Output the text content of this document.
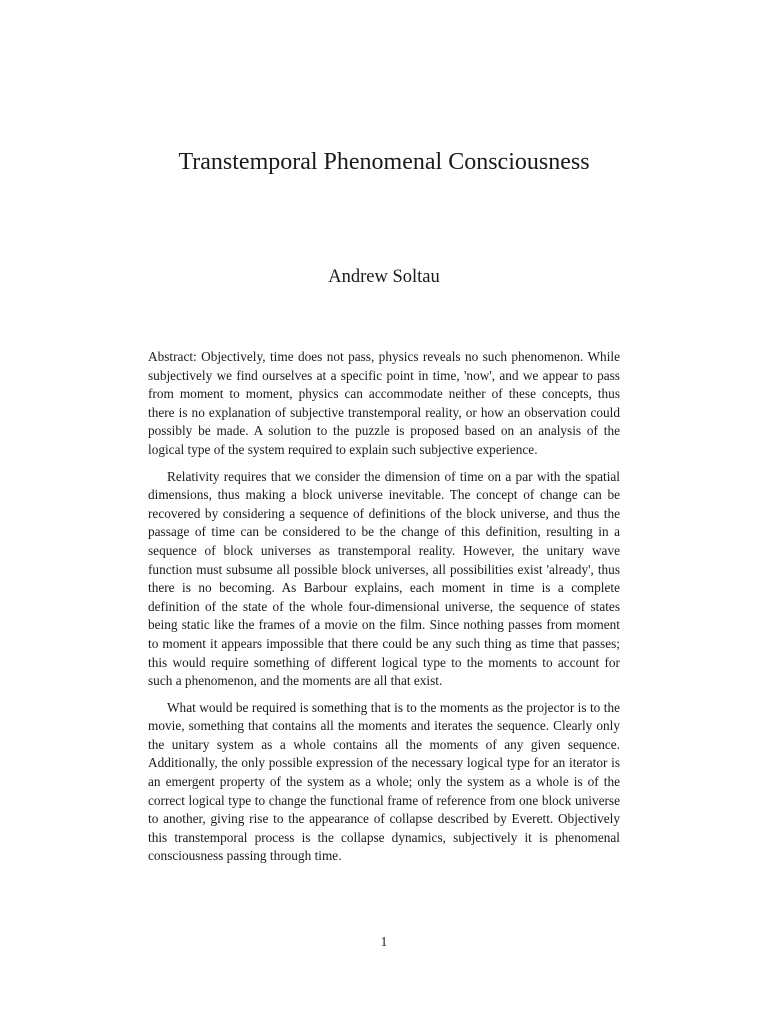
Transtemporal Phenomenal Consciousness
Andrew Soltau

Abstract: Objectively, time does not pass, physics reveals no such phenomenon. While subjectively we find ourselves at a specific point in time, 'now', and we appear to pass from moment to moment, physics can accommodate neither of these concepts, thus there is no explanation of subjective transtemporal reality, or how an observation could possibly be made. A solution to the puzzle is proposed based on an analysis of the logical type of the system required to explain such subjective experience.

Relativity requires that we consider the dimension of time on a par with the spatial dimensions, thus making a block universe inevitable. The concept of change can be recovered by considering a sequence of definitions of the block universe, and thus the passage of time can be considered to be the change of this definition, resulting in a sequence of block universes as transtemporal reality. However, the unitary wave function must subsume all possible block universes, all possibilities exist 'already', thus there is no becoming. As Barbour explains, each moment in time is a complete definition of the state of the whole four-dimensional universe, the sequence of states being static like the frames of a movie on the film. Since nothing passes from moment to moment it appears impossible that there could be any such thing as time that passes; this would require something of different logical type to the moments to account for such a phenomenon, and the moments are all that exist.

What would be required is something that is to the moments as the projector is to the movie, something that contains all the moments and iterates the sequence. Clearly only the unitary system as a whole contains all the moments of any given sequence. Additionally, the only possible expression of the necessary logical type for an iterator is an emergent property of the system as a whole; only the system as a whole is of the correct logical type to change the functional frame of reference from one block universe to another, giving rise to the appearance of collapse described by Everett. Objectively this transtemporal process is the collapse dynamics, subjectively it is phenomenal consciousness passing through time.

1
